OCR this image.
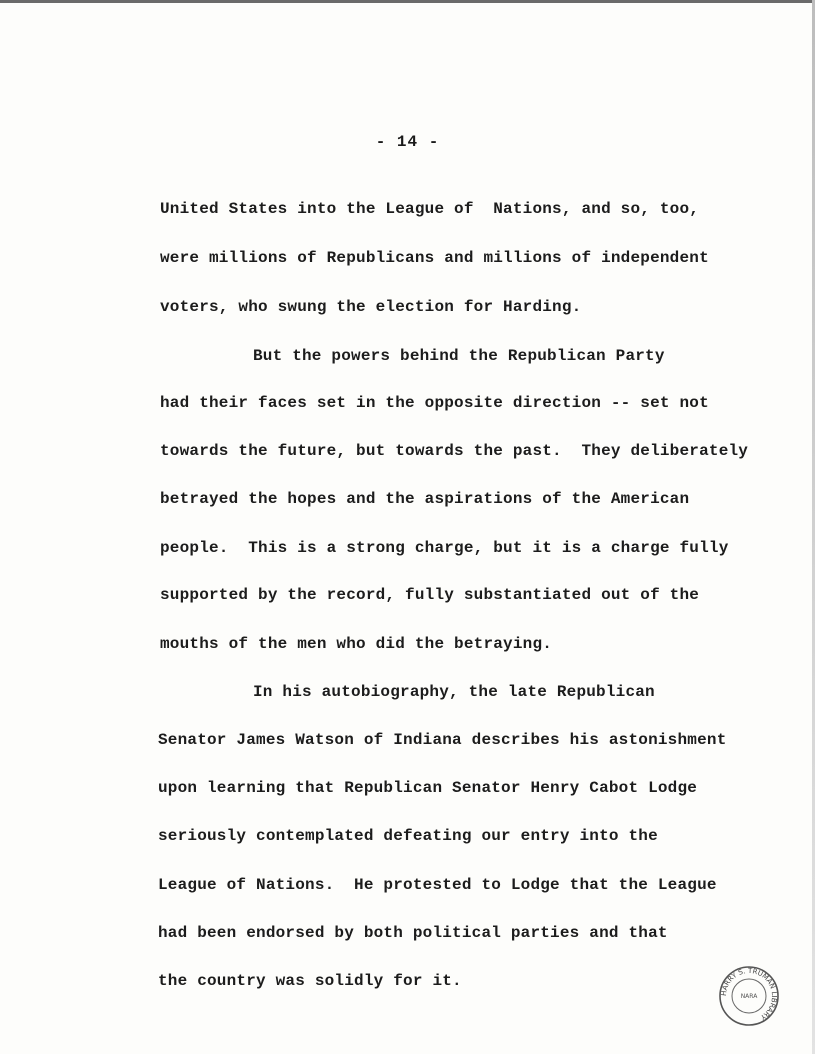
- 14 -
United States into the League of  Nations, and so, too,
were millions of Republicans and millions of independent
voters, who swung the election for Harding.
But the powers behind the Republican Party
had their faces set in the opposite direction -- set not
towards the future, but towards the past.  They deliberately
betrayed the hopes and the aspirations of the American
people.  This is a strong charge, but it is a charge fully
supported by the record, fully substantiated out of the
mouths of the men who did the betraying.
In his autobiography, the late Republican
Senator James Watson of Indiana describes his astonishment
upon learning that Republican Senator Henry Cabot Lodge
seriously contemplated defeating our entry into the
League of Nations.  He protested to Lodge that the League
had been endorsed by both political parties and that
the country was solidly for it.
HARRY S. TRUMAN LIBRARY
NARA
